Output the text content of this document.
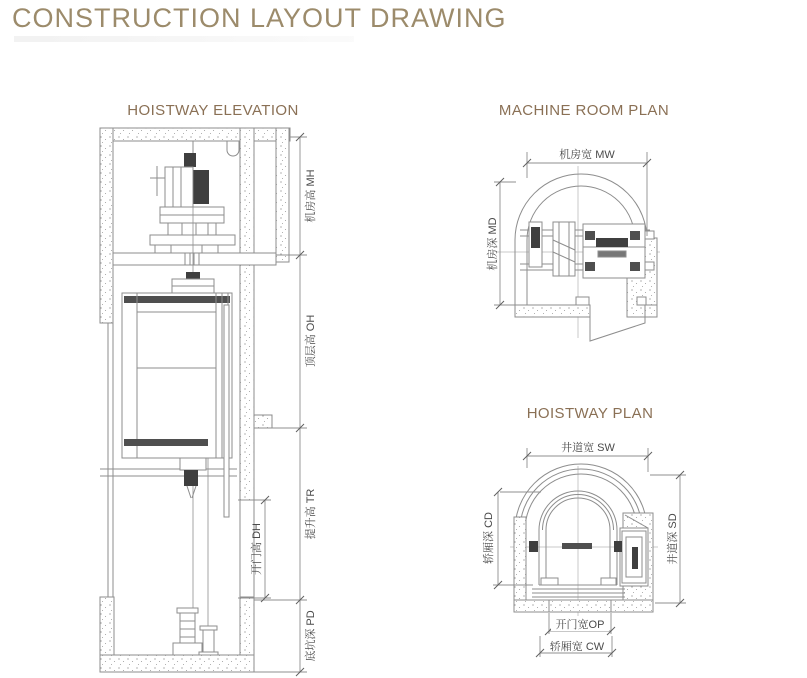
CONSTRUCTION LAYOUT DRAWING
HOISTWAY ELEVATION	MACHINE ROOM PLAN
HOISTWAY PLAN
机房高 MH
顶层高 OH
提升高 TR
底坑深 PD
开门高 DH
机房宽 MW
机房深 MD
井道宽 SW
井道深 SD
轿厢深 CD
开门宽OP
轿厢宽 CW
